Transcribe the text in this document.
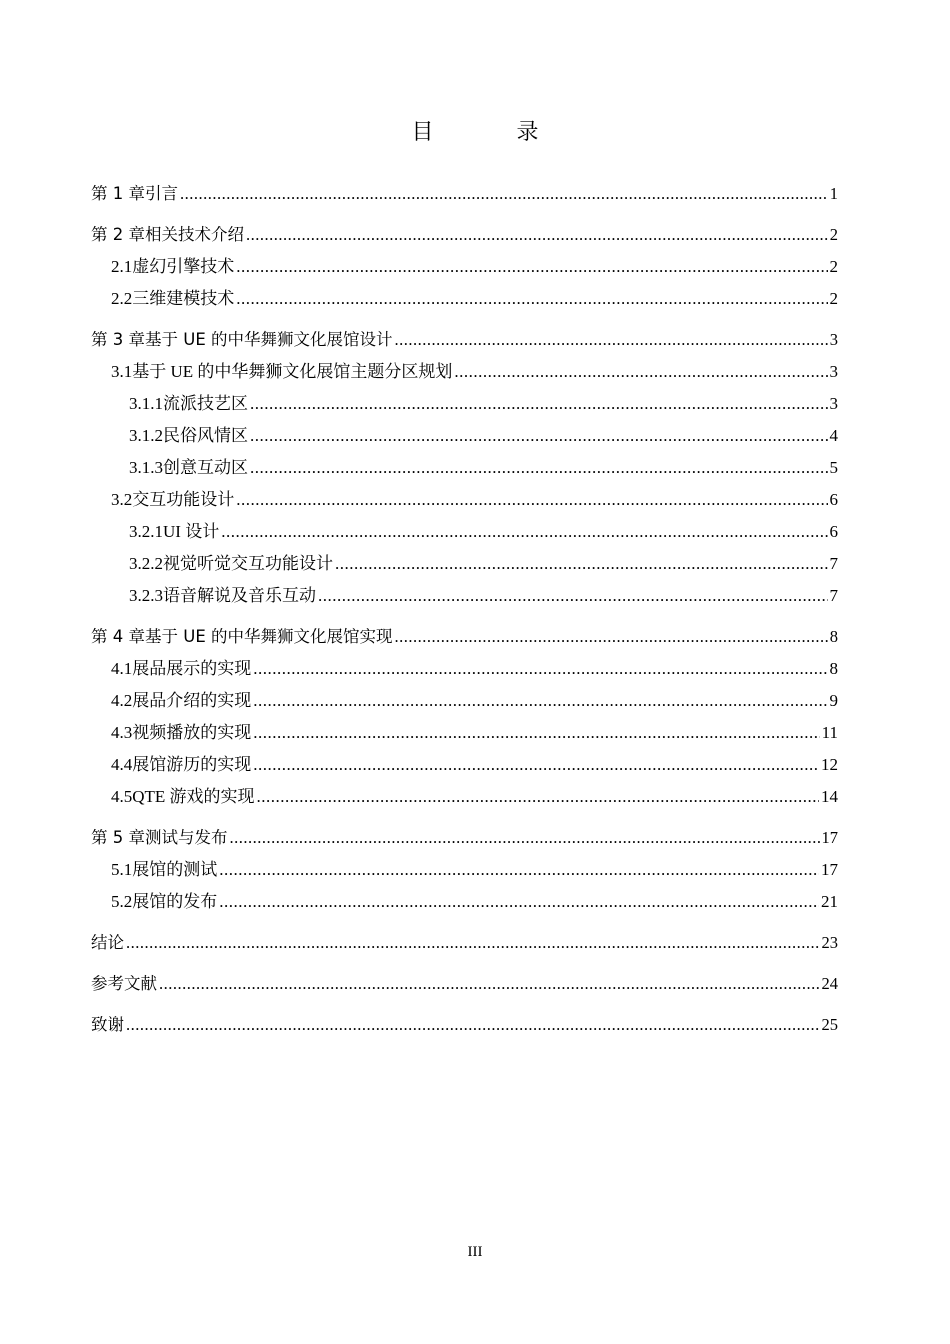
目 录
第 1 章 引言 .....	1
第 2 章 相关技术介绍 .....	2
2.1 虚幻引擎技术 .....	2
2.2 三维建模技术 .....	2
第 3 章 基于 UE 的中华舞狮文化展馆设计 .....	3
3.1 基于 UE 的中华舞狮文化展馆主题分区规划 .....	3
3.1.1 流派技艺区 .....	3
3.1.2 民俗风情区 .....	4
3.1.3 创意互动区 .....	5
3.2 交互功能设计 .....	6
3.2.1 UI 设计 .....	6
3.2.2 视觉听觉交互功能设计 .....	7
3.2.3 语音解说及音乐互动 .....	7
第 4 章 基于 UE 的中华舞狮文化展馆实现 .....	8
4.1 展品展示的实现 .....	8
4.2 展品介绍的实现 .....	9
4.3 视频播放的实现 .....	11
4.4 展馆游历的实现 .....	12
4.5 QTE 游戏的实现 .....	14
第 5 章 测试与发布 .....	17
5.1 展馆的测试 .....	17
5.2 展馆的发布 .....	21
结论 .....	23
参考文献 .....	24
致谢 .....	25
III
